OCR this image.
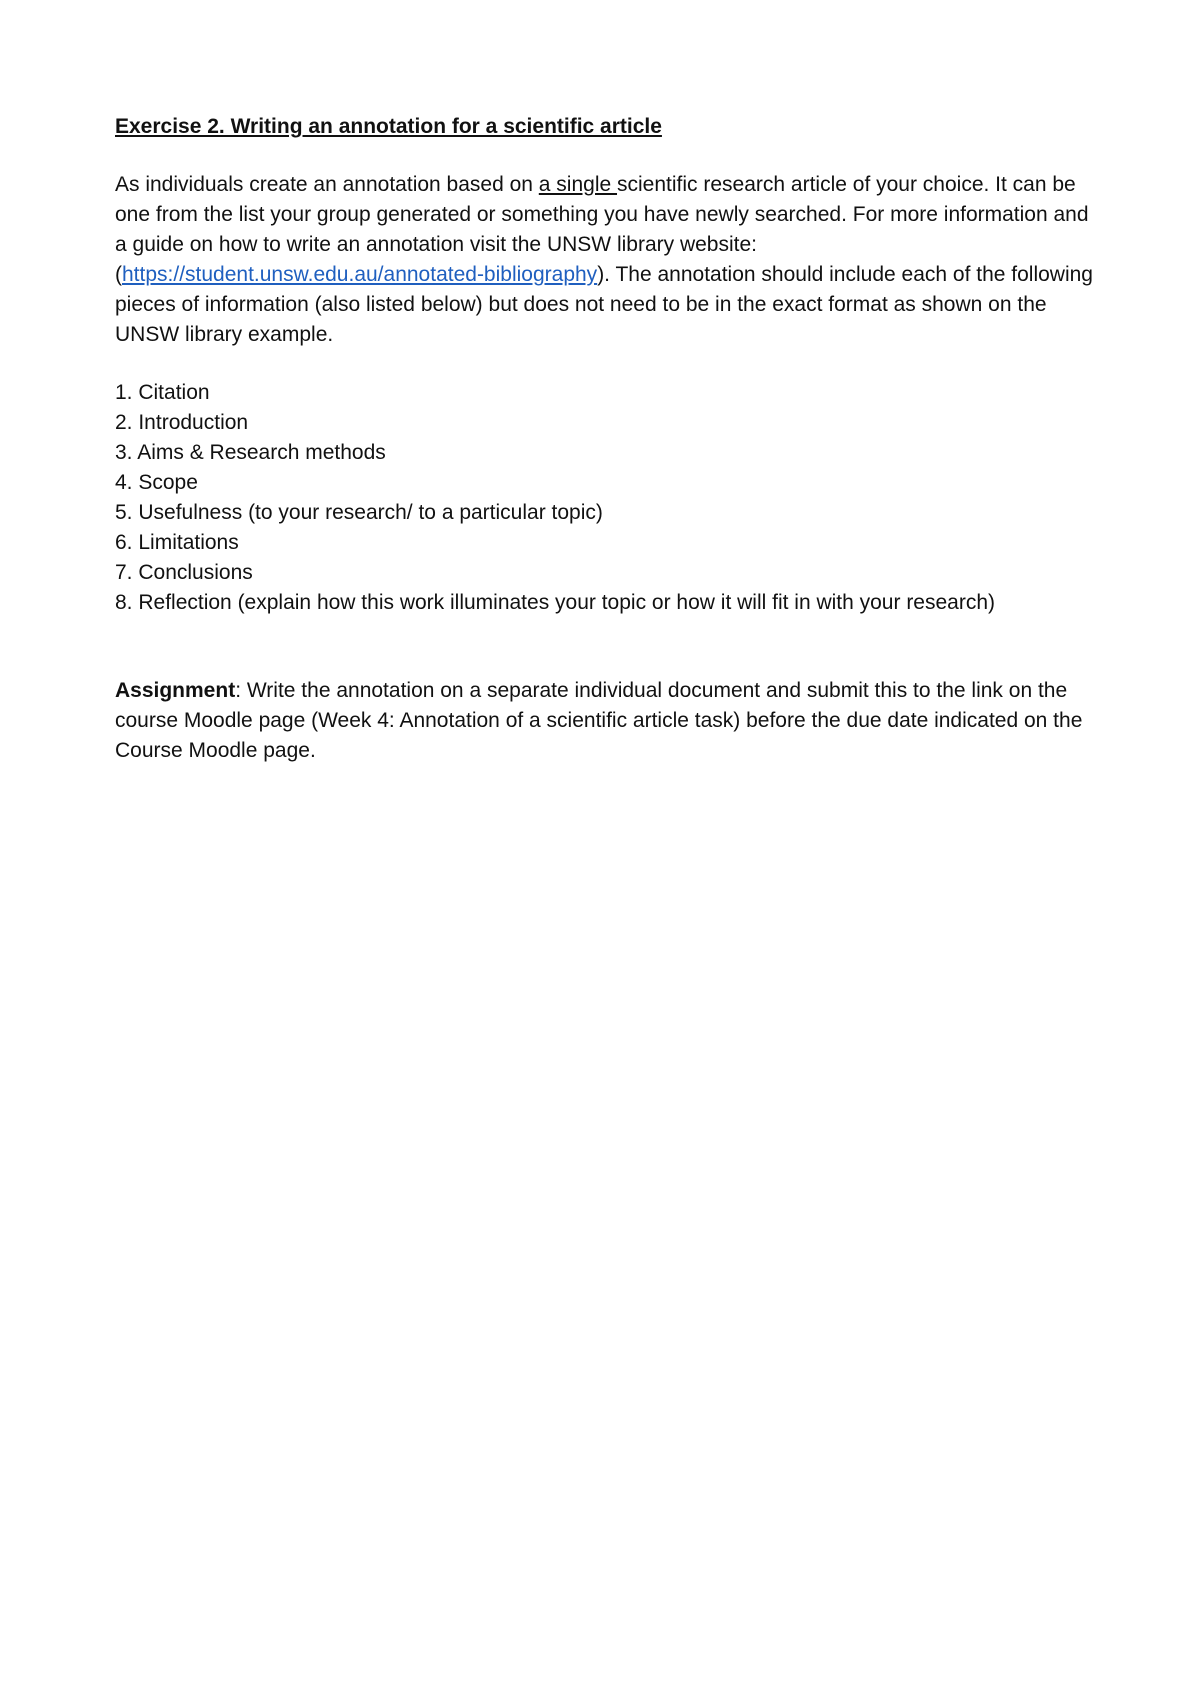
Exercise 2. Writing an annotation for a scientific article

As individuals create an annotation based on a single scientific research article of your choice. It can be one from the list your group generated or something you have newly searched. For more information and a guide on how to write an annotation visit the UNSW library website: (https://student.unsw.edu.au/annotated-bibliography). The annotation should include each of the following pieces of information (also listed below) but does not need to be in the exact format as shown on the UNSW library example.

1. Citation
2. Introduction
3. Aims & Research methods
4. Scope
5. Usefulness (to your research/ to a particular topic)
6. Limitations
7. Conclusions
8. Reflection (explain how this work illuminates your topic or how it will fit in with your research)

Assignment: Write the annotation on a separate individual document and submit this to the link on the course Moodle page (Week 4: Annotation of a scientific article task) before the due date indicated on the Course Moodle page.
